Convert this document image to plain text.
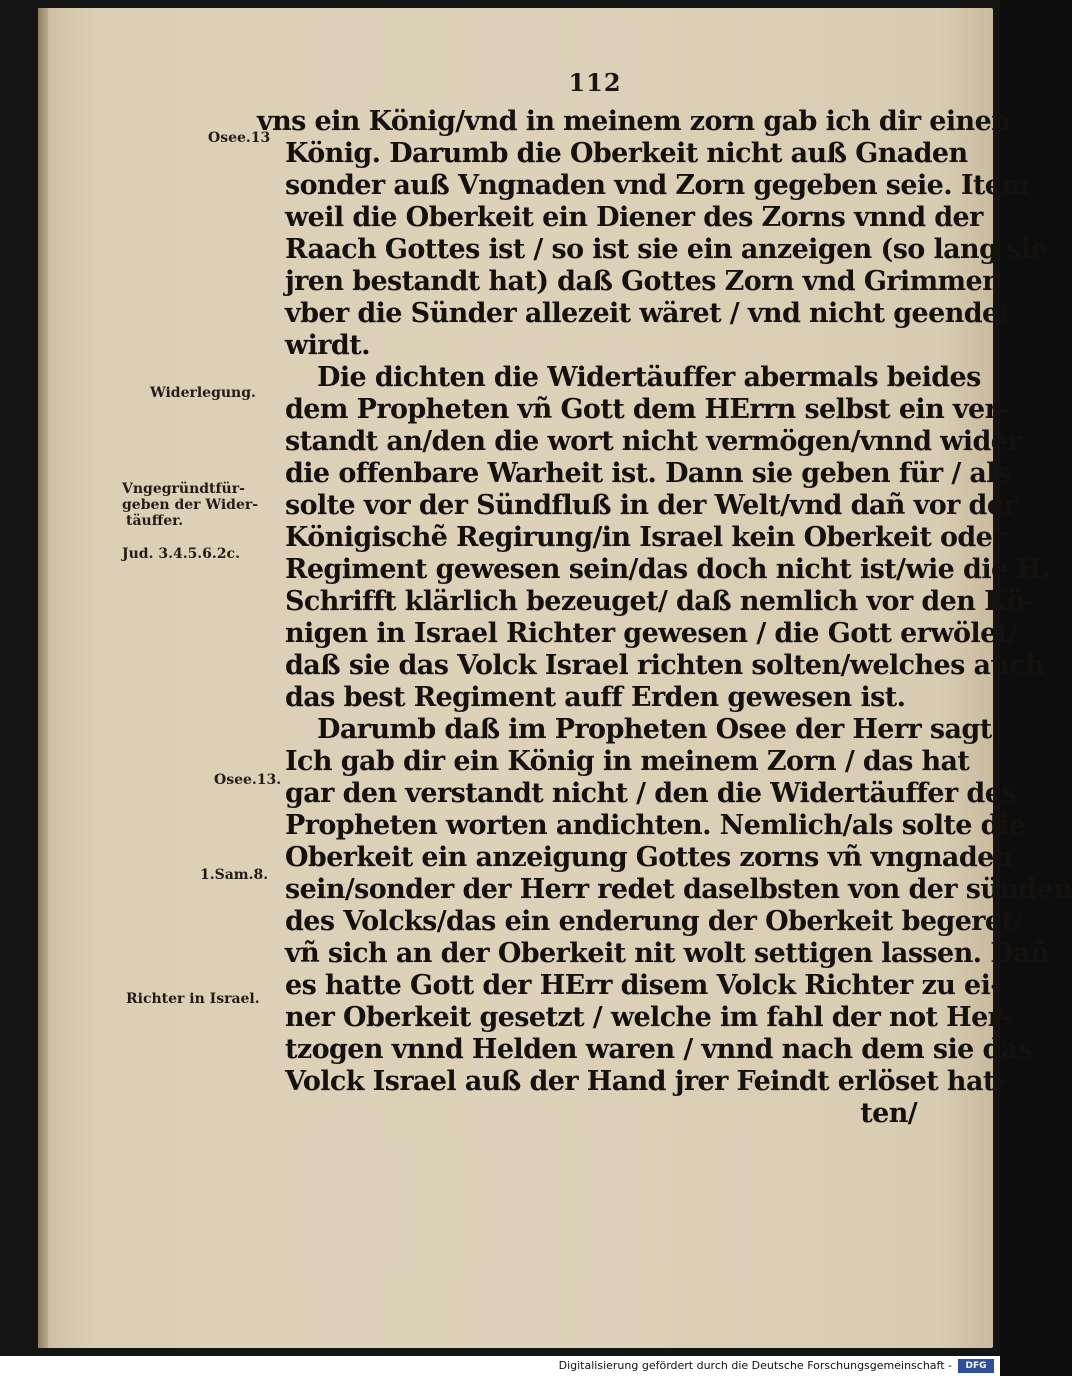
112
Osee.13
Widerlegung.
Vngegründtfür-
geben der Wider-
täuffer.
Jud. 3.4.5.6.2c.
Osee.13.
1.Sam.8.
Richter in Israel.
vns ein König/vnd in meinem zorn gab ich dir einen
König. Darumb die Oberkeit nicht auß Gnaden
sonder auß Vngnaden vnd Zorn gegeben seie. Item
weil die Oberkeit ein Diener des Zorns vnnd der
Raach Gottes ist / so ist sie ein anzeigen (so lang sie
jren bestandt hat) daß Gottes Zorn vnd Grimmen
vber die Sünder allezeit wäret / vnd nicht geendet
wirdt.
Die dichten die Widertäuffer abermals beides
dem Propheten vñ Gott dem HErrn selbst ein ver-
standt an/den die wort nicht vermögen/vnnd wider
die offenbare Warheit ist. Dann sie geben für / als
solte vor der Sündfluß in der Welt/vnd dañ vor der
Königischẽ Regirung/in Israel kein Oberkeit oder
Regiment gewesen sein/das doch nicht ist/wie die H.
Schrifft klärlich bezeuget/ daß nemlich vor den Kö-
nigen in Israel Richter gewesen / die Gott erwölet/
daß sie das Volck Israel richten solten/welches auch
das best Regiment auff Erden gewesen ist.
Darumb daß im Propheten Osee der Herr sagt:
Ich gab dir ein König in meinem Zorn / das hat
gar den verstandt nicht / den die Widertäuffer des
Propheten worten andichten. Nemlich/als solte die
Oberkeit ein anzeigung Gottes zorns vñ vngnaden
sein/sonder der Herr redet daselbsten von der sünden
des Volcks/das ein enderung der Oberkeit begeret/
vñ sich an der Oberkeit nit wolt settigen lassen. Dañ
es hatte Gott der HErr disem Volck Richter zu ei-
ner Oberkeit gesetzt / welche im fahl der not Her-
tzogen vnnd Helden waren / vnnd nach dem sie das
Volck Israel auß der Hand jrer Feindt erlöset hat-
ten/
Digitalisierung gefördert durch die Deutsche Forschungsgemeinschaft -	DFG
